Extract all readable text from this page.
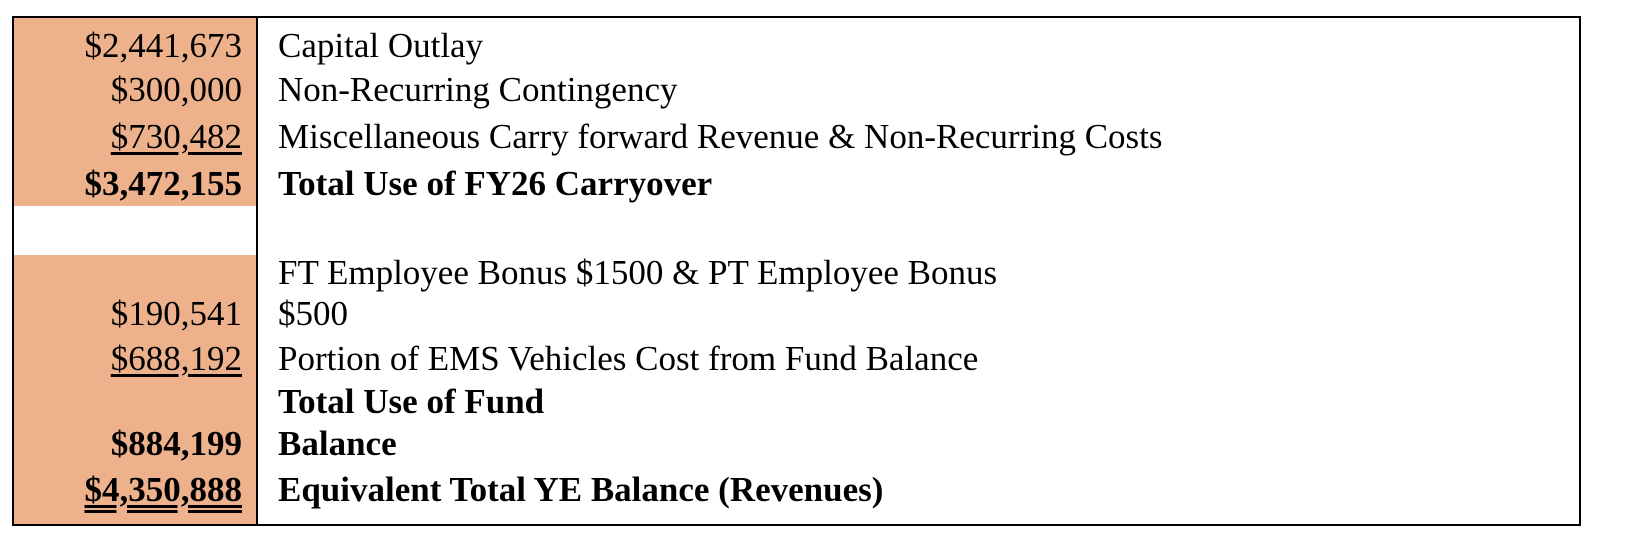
$2,441,673
$300,000
$730,482
$3,472,155
$190,541
$688,192
$884,199
$4,350,888
Capital Outlay
Non-Recurring Contingency
Miscellaneous Carry forward Revenue & Non-Recurring Costs
Total Use of FY26 Carryover
FT Employee Bonus $1500 & PT Employee Bonus
$500
Portion of EMS Vehicles Cost from Fund Balance
Total Use of Fund
Balance
Equivalent Total YE Balance (Revenues)
